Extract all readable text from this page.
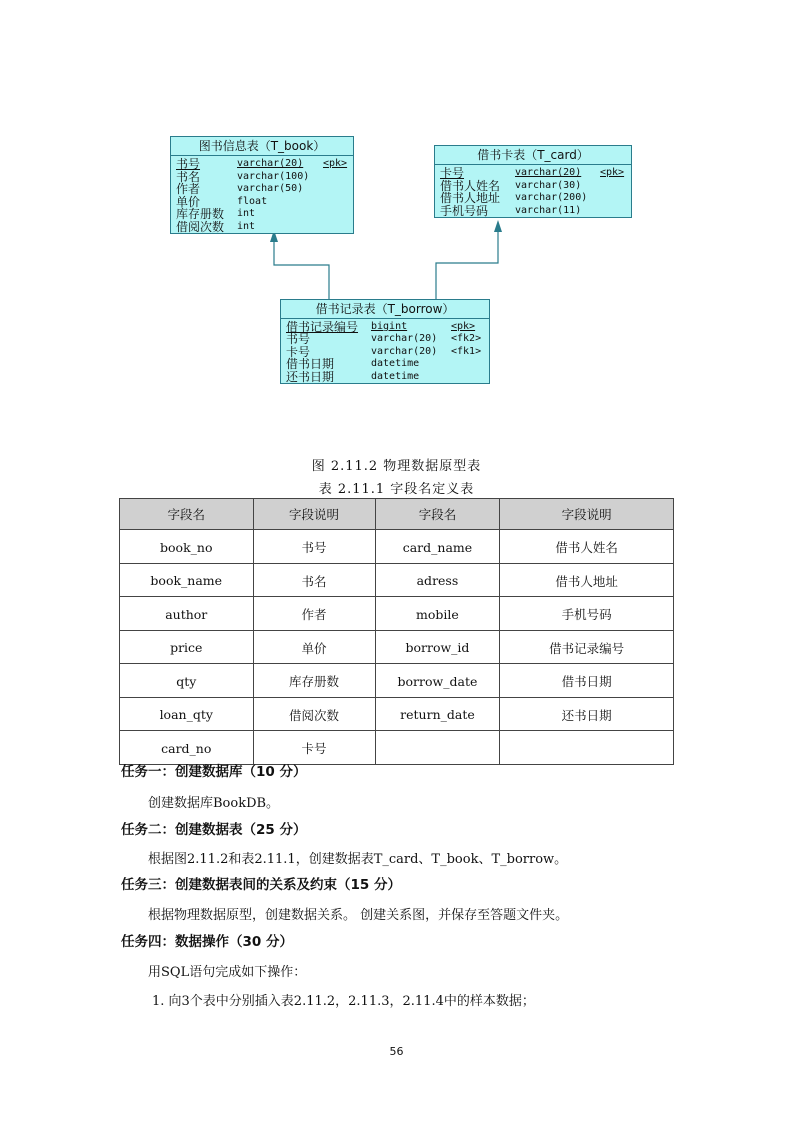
图书信息表（T_book）
书号	varchar(20) <pk>
书名	varchar(100)
作者	varchar(50)
单价	float
库存册数 int
借阅次数 int
借书卡表（T_card）
卡号	varchar(20) <pk>
借书人姓名 varchar(30)
借书人地址 varchar(200)
手机号码	varchar(11)
借书记录表（T_borrow）
借书记录编号 bigint	<pk>
书号	varchar(20) <fk2>
卡号	varchar(20) <fk1>
借书日期	datetime
还书日期	datetime
图 2.11.2 物理数据原型表
表 2.11.1 字段名定义表
字段名	字段说明	字段名	字段说明
book_no	书号	card_name	借书人姓名
book_name	书名	adress	借书人地址
author	作者	mobile	手机号码
price	单价	borrow_id	借书记录编号
qty	库存册数	borrow_date	借书日期
loan_qty	借阅次数	return_date	还书日期
card_no	卡号		
任务一：创建数据库（10 分）
创建数据库BookDB。
任务二：创建数据表（25 分）
根据图2.11.2和表2.11.1，创建数据表T_card、T_book、T_borrow。
任务三：创建数据表间的关系及约束（15 分）
根据物理数据原型，创建数据关系。 创建关系图，并保存至答题文件夹。
任务四：数据操作（30 分）
用SQL语句完成如下操作：
1. 向3个表中分别插入表2.11.2，2.11.3，2.11.4中的样本数据；
56
